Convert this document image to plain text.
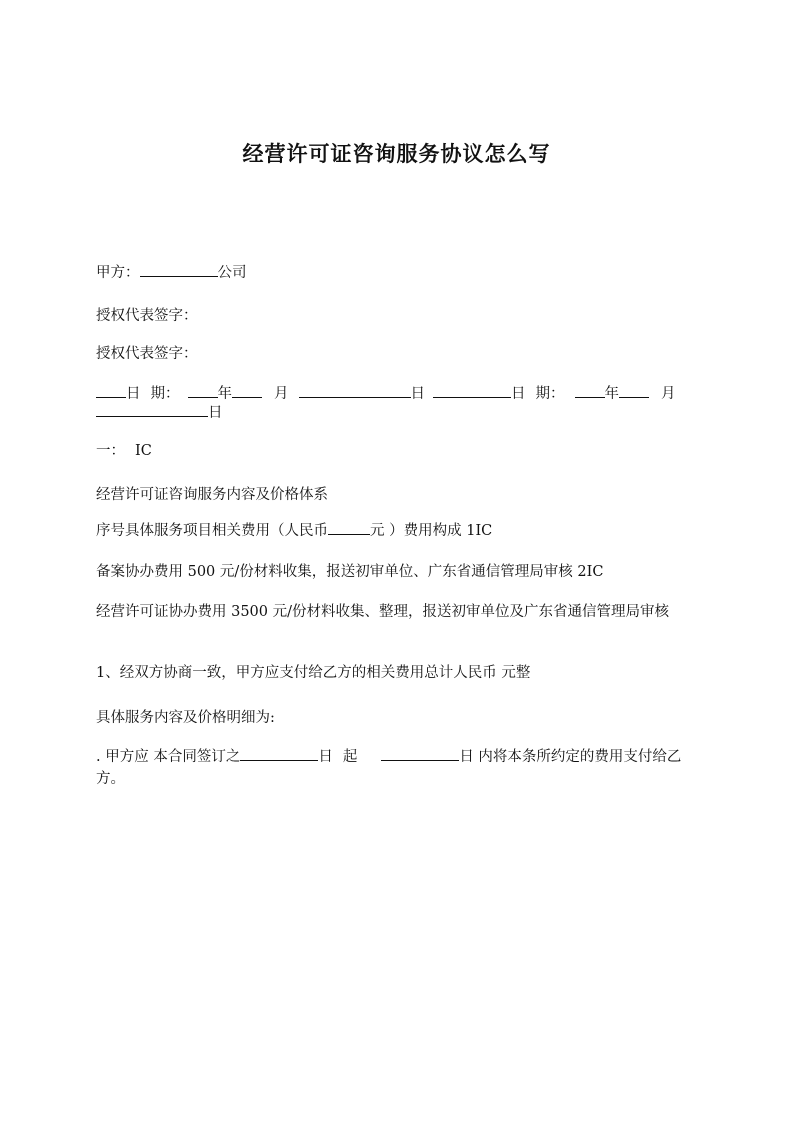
经营许可证咨询服务协议怎么写
甲方：	公司
授权代表签字：
授权代表签字：
日 期：	年	月	日	日 期：	年	月
日
一： IC
经营许可证咨询服务内容及价格体系
序号具体服务项目相关费用（人民币	元 ）费用构成 1IC
备案协办费用 500 元/份材料收集，报送初审单位、广东省通信管理局审核 2IC
经营许可证协办费用 3500 元/份材料收集、整理，报送初审单位及广东省通信管理局审核
1、经双方协商一致，甲方应支付给乙方的相关费用总计人民币 元整
具体服务内容及价格明细为:
. 甲方应 本合同签订之	日 起	日 内将本条所约定的费用支付给乙方。
